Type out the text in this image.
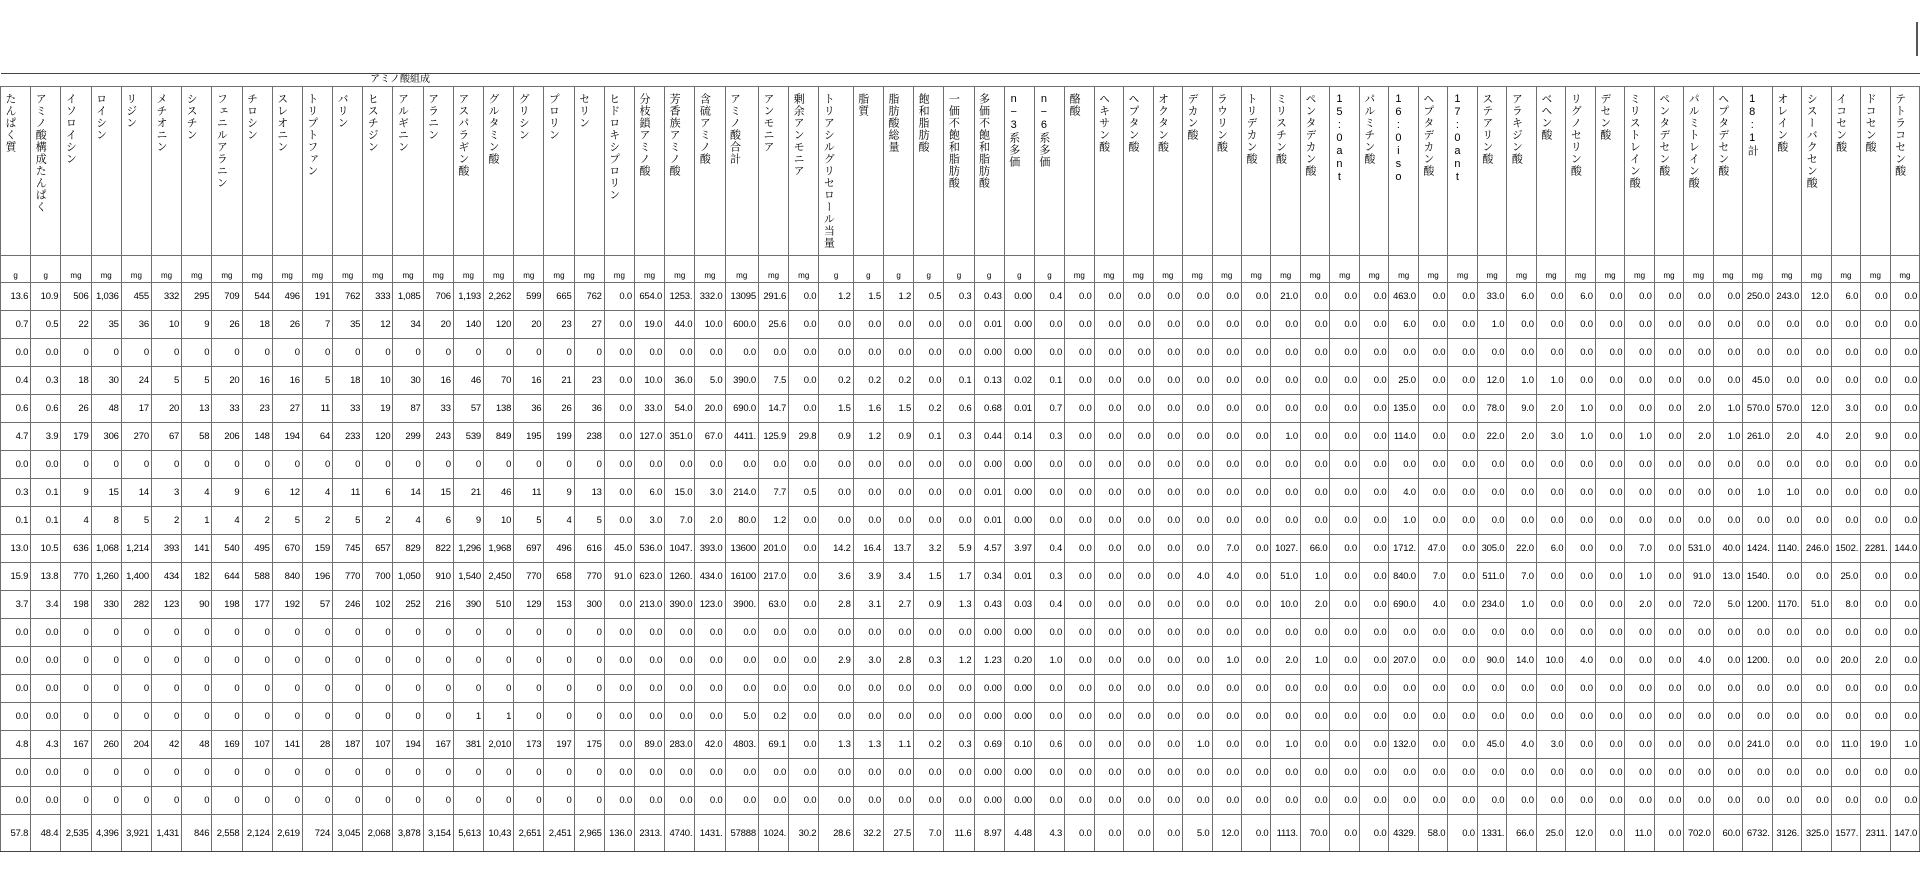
たんぱく質	アミノ酸構成たんぱく	イソロイシン	ロイシン	リジン	メチオニン	シスチン	フェニルアラニン	チロシン	スレオニン	トリプトファン	バリン	ヒスチジン	アルギニン	アラニン	アスパラギン酸	グルタミン酸	グリシン	プロリン	セリン	ヒドロキシプロリン	分枝鎖アミノ酸	芳香族アミノ酸	含硫アミノ酸	アミノ酸合計	アンモニア	剰余アンモニア	トリアシルグリセロール当量	脂質	脂肪酸総量	飽和脂肪酸	一価不飽和脂肪酸	多価不飽和脂肪酸	n−3系多価	n−6系多価	酪酸	ヘキサン酸	ヘプタン酸	オクタン酸	デカン酸	ラウリン酸	トリデカン酸	ミリスチン酸	ペンタデカン酸	15:0ant	パルミチン酸	16:0iso	ヘプタデカン酸	17:0ant	ステアリン酸	アラキジン酸	ベヘン酸	リグノセリン酸	デセン酸	ミリストレイン酸	ペンタデセン酸	パルミトレイン酸	ヘプタデセン酸	18:1計	オレイン酸	シスーバクセン酸	イコセン酸	ドコセン酸	テトラコセン酸

g	g	mg	mg	mg	mg	mg	mg	mg	mg	mg	mg	mg	mg	mg	mg	mg	mg	mg	mg	mg	mg	mg	mg	mg	mg	mg	g	g	g	g	g	g	g	g	mg	mg	mg	mg	mg	mg	mg	mg	mg	mg	mg	mg	mg	mg	mg	mg	mg	mg	mg	mg	mg	mg	mg	mg	mg	mg	mg	mg	mg
13.6	10.9	506	1,036	455	332	295	709	544	496	191	762	333	1,085	706	1,193	2,262	599	665	762	0.0	654.0	1253.	332.0	13095	291.6	0.0	1.2	1.5	1.2	0.5	0.3	0.43	0.00	0.4	0.0	0.0	0.0	0.0	0.0	0.0	0.0	21.0	0.0	0.0	0.0	463.0	0.0	0.0	33.0	6.0	0.0	6.0	0.0	0.0	0.0	0.0	0.0	250.0	243.0	12.0	6.0	0.0	0.0
0.7	0.5	22	35	36	10	9	26	18	26	7	35	12	34	20	140	120	20	23	27	0.0	19.0	44.0	10.0	600.0	25.6	0.0	0.0	0.0	0.0	0.0	0.0	0.01	0.00	0.0	0.0	0.0	0.0	0.0	0.0	0.0	0.0	0.0	0.0	0.0	0.0	6.0	0.0	0.0	1.0	0.0	0.0	0.0	0.0	0.0	0.0	0.0	0.0	0.0	0.0	0.0	0.0	0.0	0.0
0.0	0.0	0	0	0	0	0	0	0	0	0	0	0	0	0	0	0	0	0	0	0.0	0.0	0.0	0.0	0.0	0.0	0.0	0.0	0.0	0.0	0.0	0.0	0.00	0.00	0.0	0.0	0.0	0.0	0.0	0.0	0.0	0.0	0.0	0.0	0.0	0.0	0.0	0.0	0.0	0.0	0.0	0.0	0.0	0.0	0.0	0.0	0.0	0.0	0.0	0.0	0.0	0.0	0.0	0.0
0.4	0.3	18	30	24	5	5	20	16	16	5	18	10	30	16	46	70	16	21	23	0.0	10.0	36.0	5.0	390.0	7.5	0.0	0.2	0.2	0.2	0.0	0.1	0.13	0.02	0.1	0.0	0.0	0.0	0.0	0.0	0.0	0.0	0.0	0.0	0.0	0.0	25.0	0.0	0.0	12.0	1.0	1.0	0.0	0.0	0.0	0.0	0.0	0.0	45.0	0.0	0.0	0.0	0.0	0.0
0.6	0.6	26	48	17	20	13	33	23	27	11	33	19	87	33	57	138	36	26	36	0.0	33.0	54.0	20.0	690.0	14.7	0.0	1.5	1.6	1.5	0.2	0.6	0.68	0.01	0.7	0.0	0.0	0.0	0.0	0.0	0.0	0.0	0.0	0.0	0.0	0.0	135.0	0.0	0.0	78.0	9.0	2.0	1.0	0.0	0.0	0.0	2.0	1.0	570.0	570.0	12.0	3.0	0.0	0.0
4.7	3.9	179	306	270	67	58	206	148	194	64	233	120	299	243	539	849	195	199	238	0.0	127.0	351.0	67.0	4411.	125.9	29.8	0.9	1.2	0.9	0.1	0.3	0.44	0.14	0.3	0.0	0.0	0.0	0.0	0.0	0.0	0.0	1.0	0.0	0.0	0.0	114.0	0.0	0.0	22.0	2.0	3.0	1.0	0.0	1.0	0.0	2.0	1.0	261.0	2.0	4.0	2.0	9.0	0.0
0.0	0.0	0	0	0	0	0	0	0	0	0	0	0	0	0	0	0	0	0	0	0.0	0.0	0.0	0.0	0.0	0.0	0.0	0.0	0.0	0.0	0.0	0.0	0.00	0.00	0.0	0.0	0.0	0.0	0.0	0.0	0.0	0.0	0.0	0.0	0.0	0.0	0.0	0.0	0.0	0.0	0.0	0.0	0.0	0.0	0.0	0.0	0.0	0.0	0.0	0.0	0.0	0.0	0.0	0.0
0.3	0.1	9	15	14	3	4	9	6	12	4	11	6	14	15	21	46	11	9	13	0.0	6.0	15.0	3.0	214.0	7.7	0.5	0.0	0.0	0.0	0.0	0.0	0.01	0.00	0.0	0.0	0.0	0.0	0.0	0.0	0.0	0.0	0.0	0.0	0.0	0.0	4.0	0.0	0.0	0.0	0.0	0.0	0.0	0.0	0.0	0.0	0.0	0.0	1.0	1.0	0.0	0.0	0.0	0.0
0.1	0.1	4	8	5	2	1	4	2	5	2	5	2	4	6	9	10	5	4	5	0.0	3.0	7.0	2.0	80.0	1.2	0.0	0.0	0.0	0.0	0.0	0.0	0.01	0.00	0.0	0.0	0.0	0.0	0.0	0.0	0.0	0.0	0.0	0.0	0.0	0.0	1.0	0.0	0.0	0.0	0.0	0.0	0.0	0.0	0.0	0.0	0.0	0.0	0.0	0.0	0.0	0.0	0.0	0.0
13.0	10.5	636	1,068	1,214	393	141	540	495	670	159	745	657	829	822	1,296	1,968	697	496	616	45.0	536.0	1047.	393.0	13600	201.0	0.0	14.2	16.4	13.7	3.2	5.9	4.57	3.97	0.4	0.0	0.0	0.0	0.0	0.0	7.0	0.0	1027.	66.0	0.0	0.0	1712.	47.0	0.0	305.0	22.0	6.0	0.0	0.0	7.0	0.0	531.0	40.0	1424.	1140.	246.0	1502.	2281.	144.0
15.9	13.8	770	1,260	1,400	434	182	644	588	840	196	770	700	1,050	910	1,540	2,450	770	658	770	91.0	623.0	1260.	434.0	16100	217.0	0.0	3.6	3.9	3.4	1.5	1.7	0.34	0.01	0.3	0.0	0.0	0.0	0.0	4.0	4.0	0.0	51.0	1.0	0.0	0.0	840.0	7.0	0.0	511.0	7.0	0.0	0.0	0.0	1.0	0.0	91.0	13.0	1540.	0.0	0.0	25.0	0.0	0.0
3.7	3.4	198	330	282	123	90	198	177	192	57	246	102	252	216	390	510	129	153	300	0.0	213.0	390.0	123.0	3900.	63.0	0.0	2.8	3.1	2.7	0.9	1.3	0.43	0.03	0.4	0.0	0.0	0.0	0.0	0.0	0.0	0.0	10.0	2.0	0.0	0.0	690.0	4.0	0.0	234.0	1.0	0.0	0.0	0.0	2.0	0.0	72.0	5.0	1200.	1170.	51.0	8.0	0.0	0.0
0.0	0.0	0	0	0	0	0	0	0	0	0	0	0	0	0	0	0	0	0	0	0.0	0.0	0.0	0.0	0.0	0.0	0.0	0.0	0.0	0.0	0.0	0.0	0.00	0.00	0.0	0.0	0.0	0.0	0.0	0.0	0.0	0.0	0.0	0.0	0.0	0.0	0.0	0.0	0.0	0.0	0.0	0.0	0.0	0.0	0.0	0.0	0.0	0.0	0.0	0.0	0.0	0.0	0.0	0.0
0.0	0.0	0	0	0	0	0	0	0	0	0	0	0	0	0	0	0	0	0	0	0.0	0.0	0.0	0.0	0.0	0.0	0.0	2.9	3.0	2.8	0.3	1.2	1.23	0.20	1.0	0.0	0.0	0.0	0.0	0.0	1.0	0.0	2.0	1.0	0.0	0.0	207.0	0.0	0.0	90.0	14.0	10.0	4.0	0.0	0.0	0.0	4.0	0.0	1200.	0.0	0.0	20.0	2.0	0.0
0.0	0.0	0	0	0	0	0	0	0	0	0	0	0	0	0	0	0	0	0	0	0.0	0.0	0.0	0.0	0.0	0.0	0.0	0.0	0.0	0.0	0.0	0.0	0.00	0.00	0.0	0.0	0.0	0.0	0.0	0.0	0.0	0.0	0.0	0.0	0.0	0.0	0.0	0.0	0.0	0.0	0.0	0.0	0.0	0.0	0.0	0.0	0.0	0.0	0.0	0.0	0.0	0.0	0.0	0.0
0.0	0.0	0	0	0	0	0	0	0	0	0	0	0	0	0	1	1	0	0	0	0.0	0.0	0.0	0.0	5.0	0.2	0.0	0.0	0.0	0.0	0.0	0.0	0.00	0.00	0.0	0.0	0.0	0.0	0.0	0.0	0.0	0.0	0.0	0.0	0.0	0.0	0.0	0.0	0.0	0.0	0.0	0.0	0.0	0.0	0.0	0.0	0.0	0.0	0.0	0.0	0.0	0.0	0.0	0.0
4.8	4.3	167	260	204	42	48	169	107	141	28	187	107	194	167	381	2,010	173	197	175	0.0	89.0	283.0	42.0	4803.	69.1	0.0	1.3	1.3	1.1	0.2	0.3	0.69	0.10	0.6	0.0	0.0	0.0	0.0	1.0	0.0	0.0	1.0	0.0	0.0	0.0	132.0	0.0	0.0	45.0	4.0	3.0	0.0	0.0	0.0	0.0	0.0	0.0	241.0	0.0	0.0	11.0	19.0	1.0
0.0	0.0	0	0	0	0	0	0	0	0	0	0	0	0	0	0	0	0	0	0	0.0	0.0	0.0	0.0	0.0	0.0	0.0	0.0	0.0	0.0	0.0	0.0	0.00	0.00	0.0	0.0	0.0	0.0	0.0	0.0	0.0	0.0	0.0	0.0	0.0	0.0	0.0	0.0	0.0	0.0	0.0	0.0	0.0	0.0	0.0	0.0	0.0	0.0	0.0	0.0	0.0	0.0	0.0	0.0
0.0	0.0	0	0	0	0	0	0	0	0	0	0	0	0	0	0	0	0	0	0	0.0	0.0	0.0	0.0	0.0	0.0	0.0	0.0	0.0	0.0	0.0	0.0	0.00	0.00	0.0	0.0	0.0	0.0	0.0	0.0	0.0	0.0	0.0	0.0	0.0	0.0	0.0	0.0	0.0	0.0	0.0	0.0	0.0	0.0	0.0	0.0	0.0	0.0	0.0	0.0	0.0	0.0	0.0	0.0
57.8	48.4	2,535	4,396	3,921	1,431	846	2,558	2,124	2,619	724	3,045	2,068	3,878	3,154	5,613	10,43	2,651	2,451	2,965	136.0	2313.	4740.	1431.	57888	1024.	30.2	28.6	32.2	27.5	7.0	11.6	8.97	4.48	4.3	0.0	0.0	0.0	0.0	5.0	12.0	0.0	1113.	70.0	0.0	0.0	4329.	58.0	0.0	1331.	66.0	25.0	12.0	0.0	11.0	0.0	702.0	60.0	6732.	3126.	325.0	1577.	2311.	147.0
アミノ酸組成
